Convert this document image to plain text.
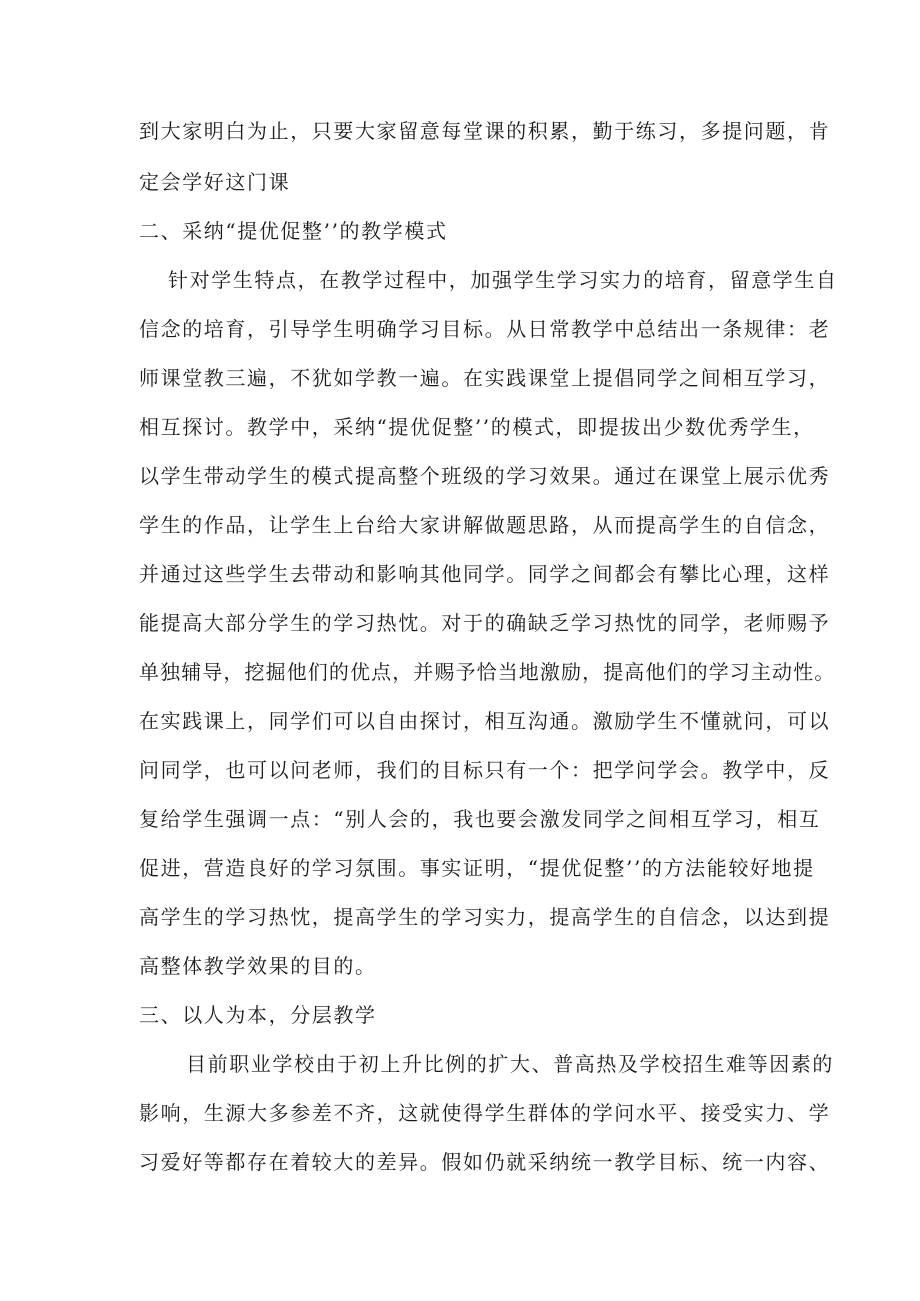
到大家明白为止，只要大家留意每堂课的积累，勤于练习，多提问题，肯
定会学好这门课
二、采纳“提优促整’’的教学模式
针对学生特点，在教学过程中，加强学生学习实力的培育，留意学生自
信念的培育，引导学生明确学习目标。从日常教学中总结出一条规律：老
师课堂教三遍，不犹如学教一遍。在实践课堂上提倡同学之间相互学习，
相互探讨。教学中，采纳“提优促整’’的模式，即提拔出少数优秀学生，
以学生带动学生的模式提高整个班级的学习效果。通过在课堂上展示优秀
学生的作品，让学生上台给大家讲解做题思路，从而提高学生的自信念，
并通过这些学生去带动和影响其他同学。同学之间都会有攀比心理，这样
能提高大部分学生的学习热忱。对于的确缺乏学习热忱的同学，老师赐予
单独辅导，挖掘他们的优点，并赐予恰当地激励，提高他们的学习主动性。
在实践课上，同学们可以自由探讨，相互沟通。激励学生不懂就问，可以
问同学，也可以问老师，我们的目标只有一个：把学问学会。教学中，反
复给学生强调一点：“别人会的，我也要会激发同学之间相互学习，相互
促进，营造良好的学习氛围。事实证明，“提优促整’’的方法能较好地提
高学生的学习热忱，提高学生的学习实力，提高学生的自信念，以达到提
高整体教学效果的目的。
三、以人为本，分层教学
目前职业学校由于初上升比例的扩大、普高热及学校招生难等因素的
影响，生源大多参差不齐，这就使得学生群体的学问水平、接受实力、学
习爱好等都存在着较大的差异。假如仍就采纳统一教学目标、统一内容、
